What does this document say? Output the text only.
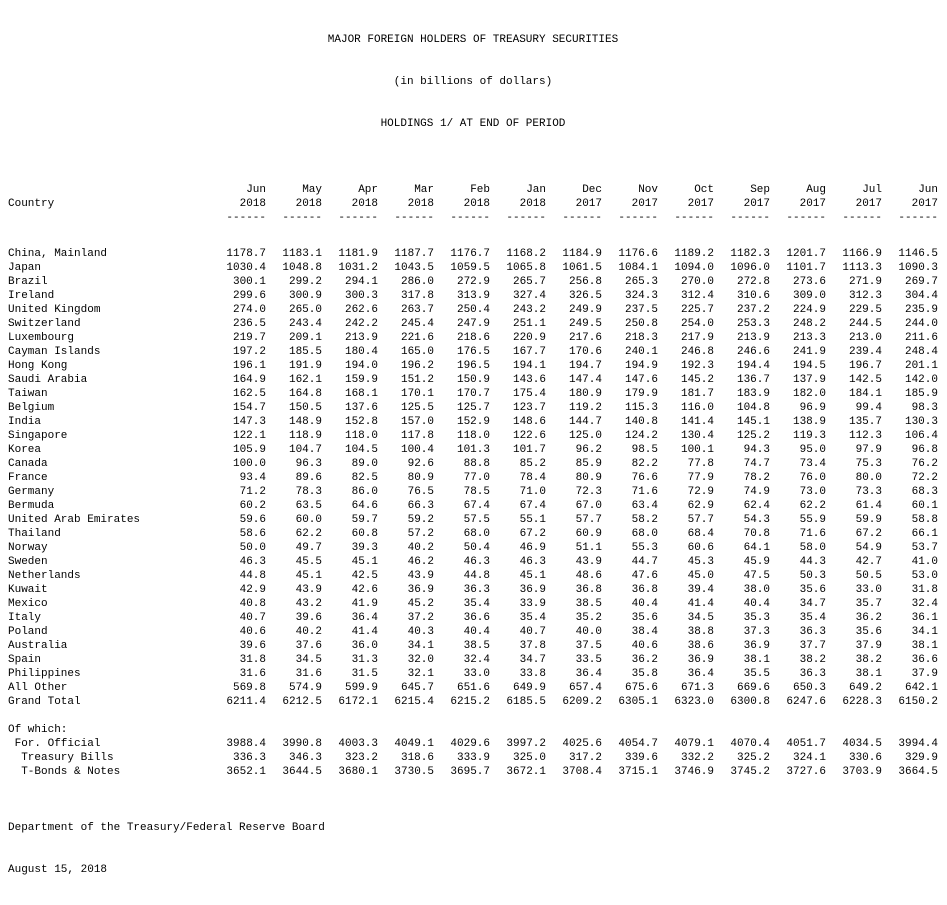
MAJOR FOREIGN HOLDERS OF TREASURY SECURITIES

(in billions of dollars)

HOLDINGS 1/ AT END OF PERIOD

	Jun	May	Apr	Mar	Feb	Jan	Dec	Nov	Oct	Sep	Aug	Jul	Jun
Country	2018	2018	2018	2018	2018	2018	2017	2017	2017	2017	2017	2017	2017
	------	------	------	------	------	------	------	------	------	------	------	------	------

China, Mainland	1178.7	1183.1	1181.9	1187.7	1176.7	1168.2	1184.9	1176.6	1189.2	1182.3	1201.7	1166.9	1146.5
Japan	1030.4	1048.8	1031.2	1043.5	1059.5	1065.8	1061.5	1084.1	1094.0	1096.0	1101.7	1113.3	1090.3
Brazil	300.1	299.2	294.1	286.0	272.9	265.7	256.8	265.3	270.0	272.8	273.6	271.9	269.7
Ireland	299.6	300.9	300.3	317.8	313.9	327.4	326.5	324.3	312.4	310.6	309.0	312.3	304.4
United Kingdom	274.0	265.0	262.6	263.7	250.4	243.2	249.9	237.5	225.7	237.2	224.9	229.5	235.9
Switzerland	236.5	243.4	242.2	245.4	247.9	251.1	249.5	250.8	254.0	253.3	248.2	244.5	244.0
Luxembourg	219.7	209.1	213.9	221.6	218.6	220.9	217.6	218.3	217.9	213.9	213.3	213.0	211.6
Cayman Islands	197.2	185.5	180.4	165.0	176.5	167.7	170.6	240.1	246.8	246.6	241.9	239.4	248.4
Hong Kong	196.1	191.9	194.0	196.2	196.5	194.1	194.7	194.9	192.3	194.4	194.5	196.7	201.1
Saudi Arabia	164.9	162.1	159.9	151.2	150.9	143.6	147.4	147.6	145.2	136.7	137.9	142.5	142.0
Taiwan	162.5	164.8	168.1	170.1	170.7	175.4	180.9	179.9	181.7	183.9	182.0	184.1	185.9
Belgium	154.7	150.5	137.6	125.5	125.7	123.7	119.2	115.3	116.0	104.8	96.9	99.4	98.3
India	147.3	148.9	152.8	157.0	152.9	148.6	144.7	140.8	141.4	145.1	138.9	135.7	130.3
Singapore	122.1	118.9	118.0	117.8	118.0	122.6	125.0	124.2	130.4	125.2	119.3	112.3	106.4
Korea	105.9	104.7	104.5	100.4	101.3	101.7	96.2	98.5	100.1	94.3	95.0	97.9	96.8
Canada	100.0	96.3	89.0	92.6	88.8	85.2	85.9	82.2	77.8	74.7	73.4	75.3	76.2
France	93.4	89.6	82.5	80.9	77.0	78.4	80.9	76.6	77.9	78.2	76.0	80.0	72.2
Germany	71.2	78.3	86.0	76.5	78.5	71.0	72.3	71.6	72.9	74.9	73.0	73.3	68.3
Bermuda	60.2	63.5	64.6	66.3	67.4	67.4	67.0	63.4	62.9	62.4	62.2	61.4	60.1
United Arab Emirates	59.6	60.0	59.7	59.2	57.5	55.1	57.7	58.2	57.7	54.3	55.9	59.9	58.8
Thailand	58.6	62.2	60.8	57.2	68.0	67.2	60.9	68.0	68.4	70.8	71.6	67.2	66.1
Norway	50.0	49.7	39.3	40.2	50.4	46.9	51.1	55.3	60.6	64.1	58.0	54.9	53.7
Sweden	46.3	45.5	45.1	46.2	46.3	46.3	43.9	44.7	45.3	45.9	44.3	42.7	41.0
Netherlands	44.8	45.1	42.5	43.9	44.8	45.1	48.6	47.6	45.0	47.5	50.3	50.5	53.0
Kuwait	42.9	43.9	42.6	36.9	36.3	36.9	36.8	36.8	39.4	38.0	35.6	33.0	31.8
Mexico	40.8	43.2	41.9	45.2	35.4	33.9	38.5	40.4	41.4	40.4	34.7	35.7	32.4
Italy	40.7	39.6	36.4	37.2	36.6	35.4	35.2	35.6	34.5	35.3	35.4	36.2	36.1
Poland	40.6	40.2	41.4	40.3	40.4	40.7	40.0	38.4	38.8	37.3	36.3	35.6	34.1
Australia	39.6	37.6	36.0	34.1	38.5	37.8	37.5	40.6	38.6	36.9	37.7	37.9	38.1
Spain	31.8	34.5	31.3	32.0	32.4	34.7	33.5	36.2	36.9	38.1	38.2	38.2	36.6
Philippines	31.6	31.6	31.5	32.1	33.0	33.8	36.4	35.8	36.4	35.5	36.3	38.1	37.9
All Other	569.8	574.9	599.9	645.7	651.6	649.9	657.4	675.6	671.3	669.6	650.3	649.2	642.1
Grand Total	6211.4	6212.5	6172.1	6215.4	6215.2	6185.5	6209.2	6305.1	6323.0	6300.8	6247.6	6228.3	6150.2

Of which:													
For. Official	3988.4	3990.8	4003.3	4049.1	4029.6	3997.2	4025.6	4054.7	4079.1	4070.4	4051.7	4034.5	3994.4
Treasury Bills	336.3	346.3	323.2	318.6	333.9	325.0	317.2	339.6	332.2	325.2	324.1	330.6	329.9
T-Bonds & Notes	3652.1	3644.5	3680.1	3730.5	3695.7	3672.1	3708.4	3715.1	3746.9	3745.2	3727.6	3703.9	3664.5

Department of the Treasury/Federal Reserve Board

August 15, 2018
